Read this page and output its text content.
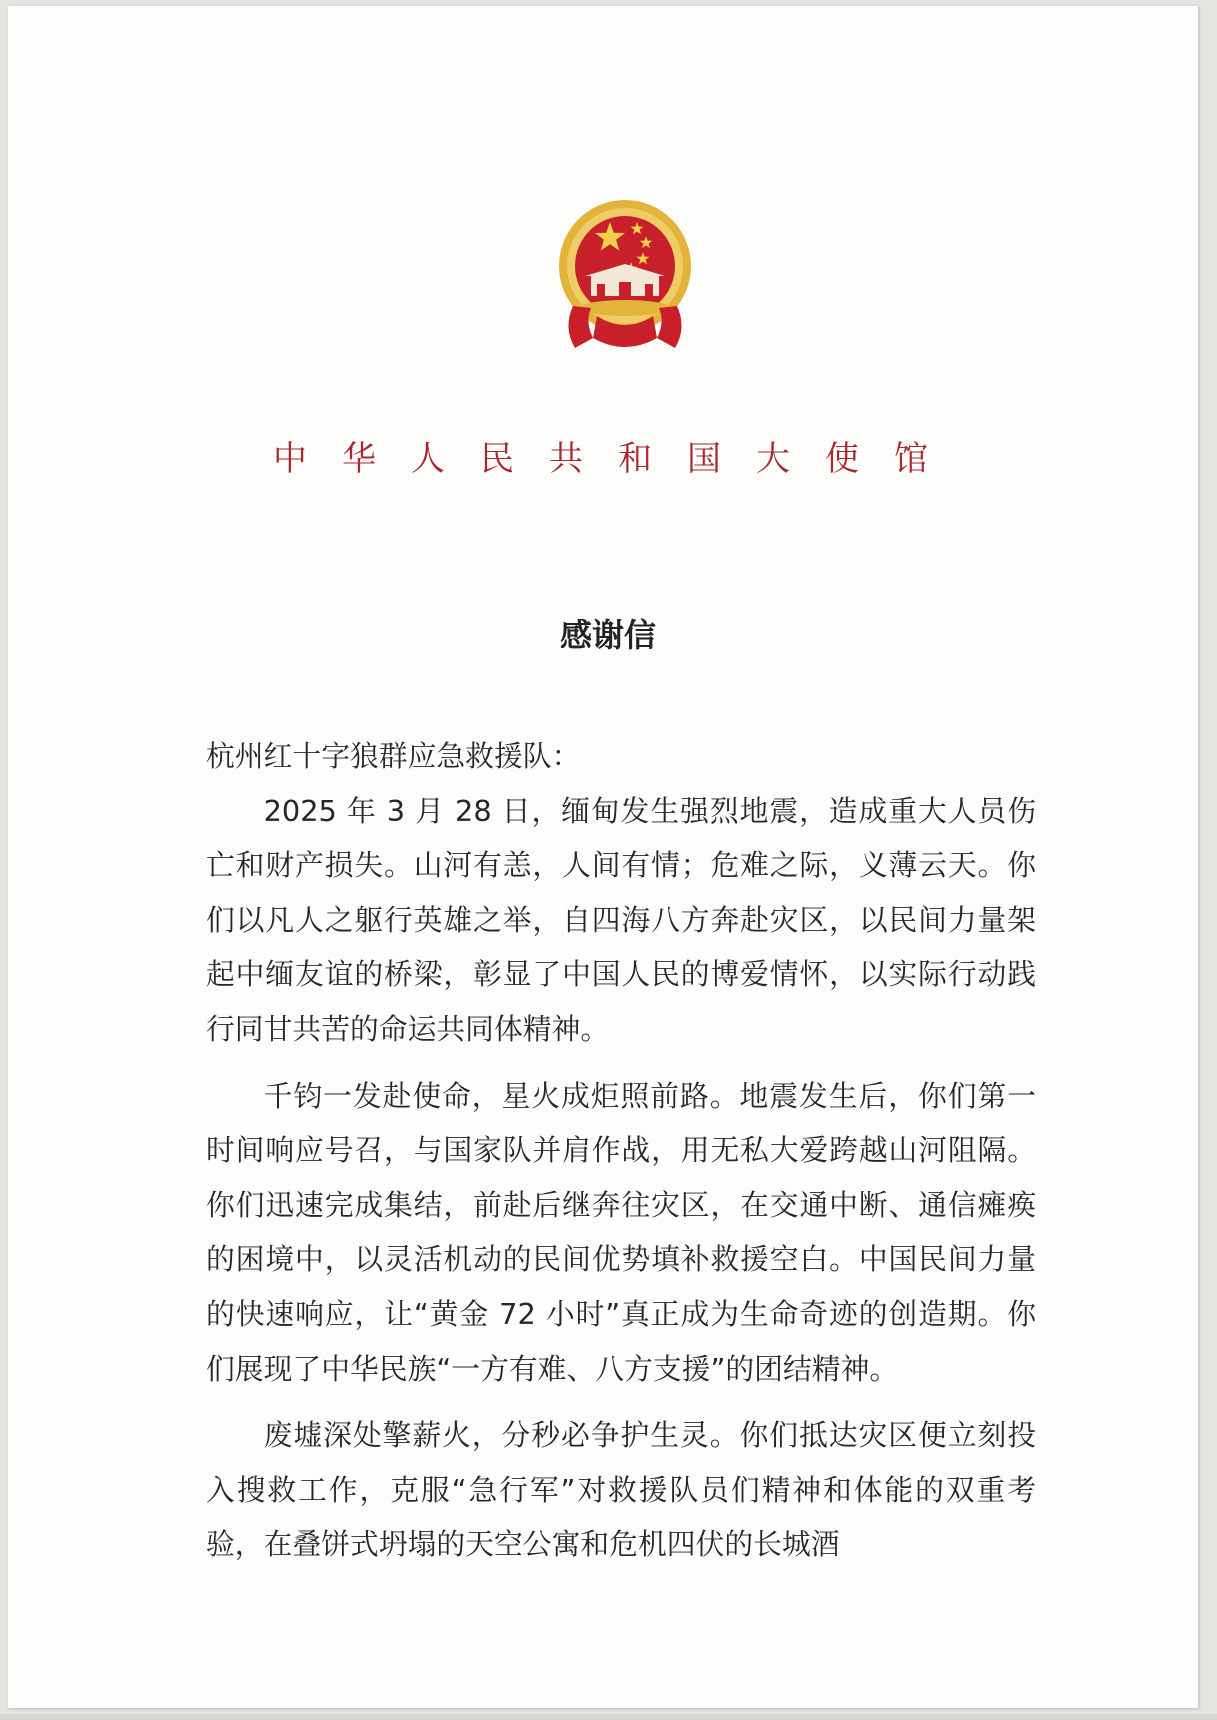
中华人民共和国大使馆
感谢信

杭州红十字狼群应急救援队：

2025 年 3 月 28 日，缅甸发生强烈地震，造成重大人员伤亡和财产损失。山河有恙，人间有情；危难之际，义薄云天。你们以凡人之躯行英雄之举，自四海八方奔赴灾区，以民间力量架起中缅友谊的桥梁，彰显了中国人民的博爱情怀，以实际行动践行同甘共苦的命运共同体精神。

千钧一发赴使命，星火成炬照前路。地震发生后，你们第一时间响应号召，与国家队并肩作战，用无私大爱跨越山河阻隔。你们迅速完成集结，前赴后继奔往灾区，在交通中断、通信瘫痪的困境中，以灵活机动的民间优势填补救援空白。中国民间力量的快速响应，让“黄金 72 小时”真正成为生命奇迹的创造期。你们展现了中华民族“一方有难、八方支援”的团结精神。

废墟深处擎薪火，分秒必争护生灵。你们抵达灾区便立刻投入搜救工作，克服“急行军”对救援队员们精神和体能的双重考验，在叠饼式坍塌的天空公寓和危机四伏的长城酒
